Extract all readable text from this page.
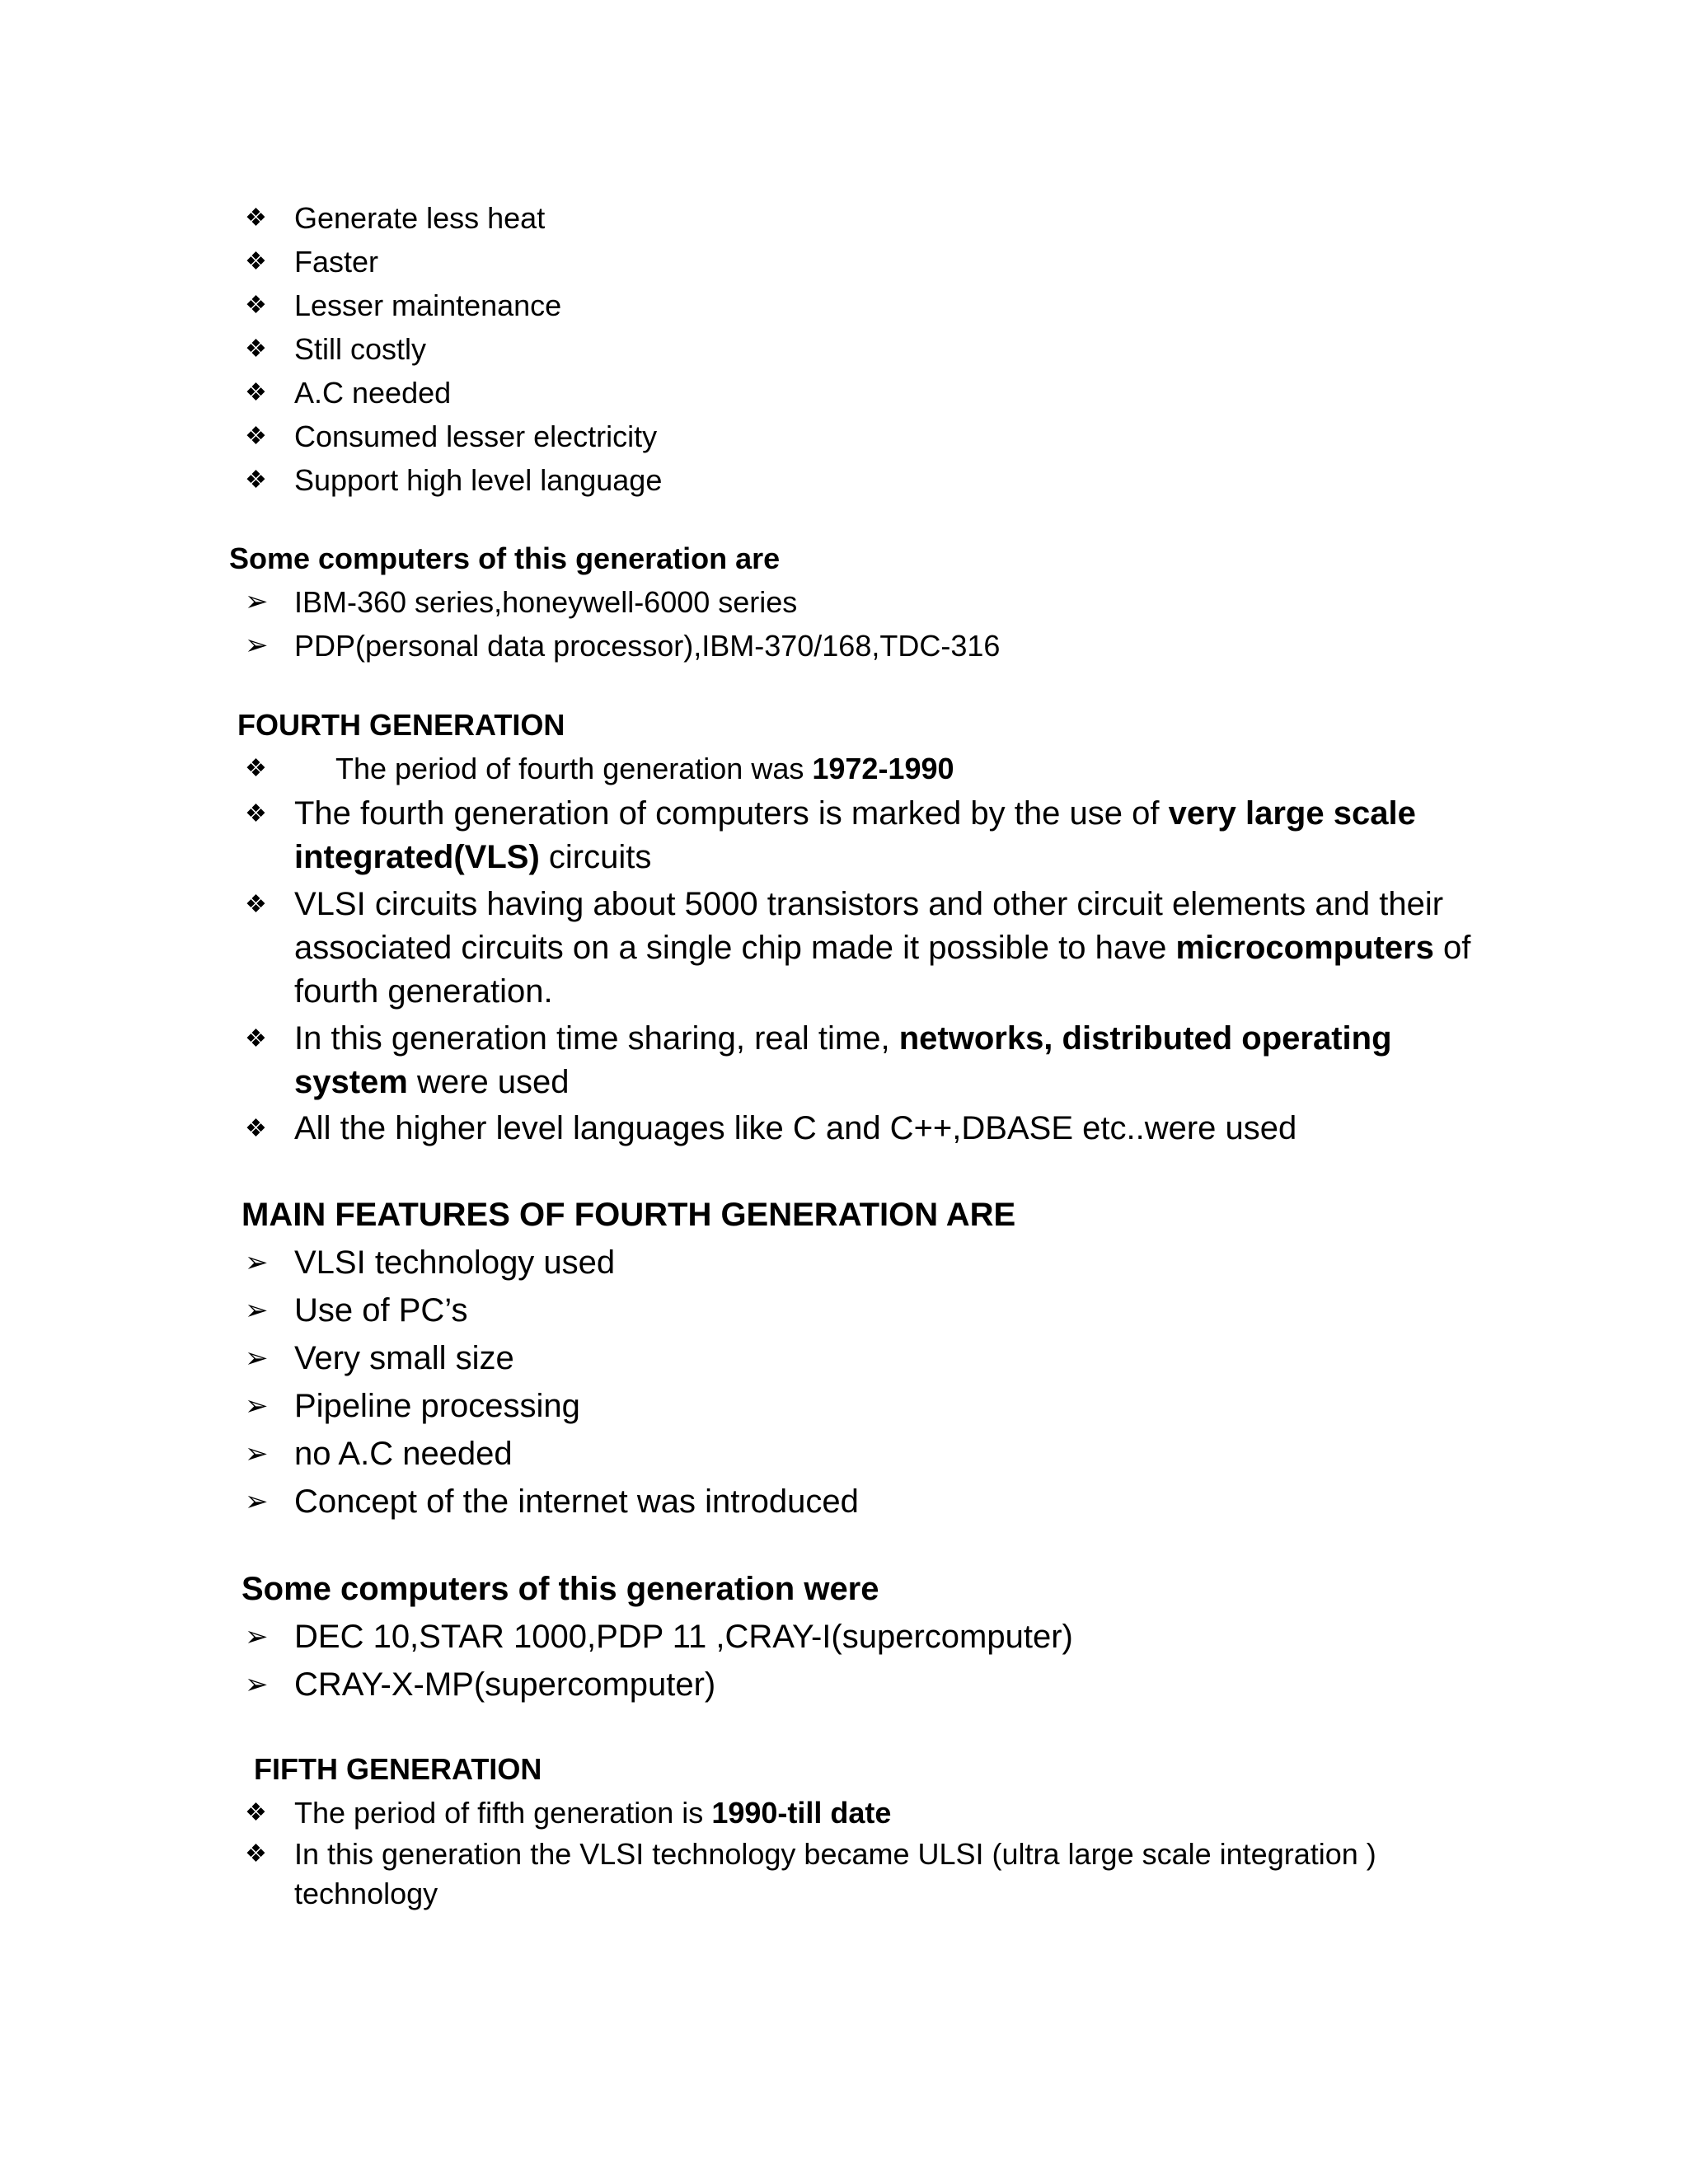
❖ Generate less heat
❖ Faster
❖ Lesser maintenance
❖ Still costly
❖ A.C needed
❖ Consumed lesser electricity
❖ Support high level language
Some computers of this generation are
➢ IBM-360 series,honeywell-6000 series
➢ PDP(personal data processor),IBM-370/168,TDC-316
FOURTH GENERATION
❖ The period of fourth generation was 1972-1990
❖ The fourth generation of computers is marked by the use of very large scale
integrated(VLS) circuits
❖ VLSI circuits having about 5000 transistors and other circuit elements and their
associated circuits on a single chip made it possible to have microcomputers of
fourth generation.
❖ In this generation time sharing, real time, networks, distributed operating
system were used
❖ All the higher level languages like C and C++,DBASE etc..were used
MAIN FEATURES OF FOURTH GENERATION ARE
➢ VLSI technology used
➢ Use of PC’s
➢ Very small size
➢ Pipeline processing
➢ no A.C needed
➢ Concept of the internet was introduced
Some computers of this generation were
➢ DEC 10,STAR 1000,PDP 11 ,CRAY-I(supercomputer)
➢ CRAY-X-MP(supercomputer)
FIFTH GENERATION
❖ The period of fifth generation is 1990-till date
❖ In this generation the VLSI technology became ULSI (ultra large scale integration )
technology
